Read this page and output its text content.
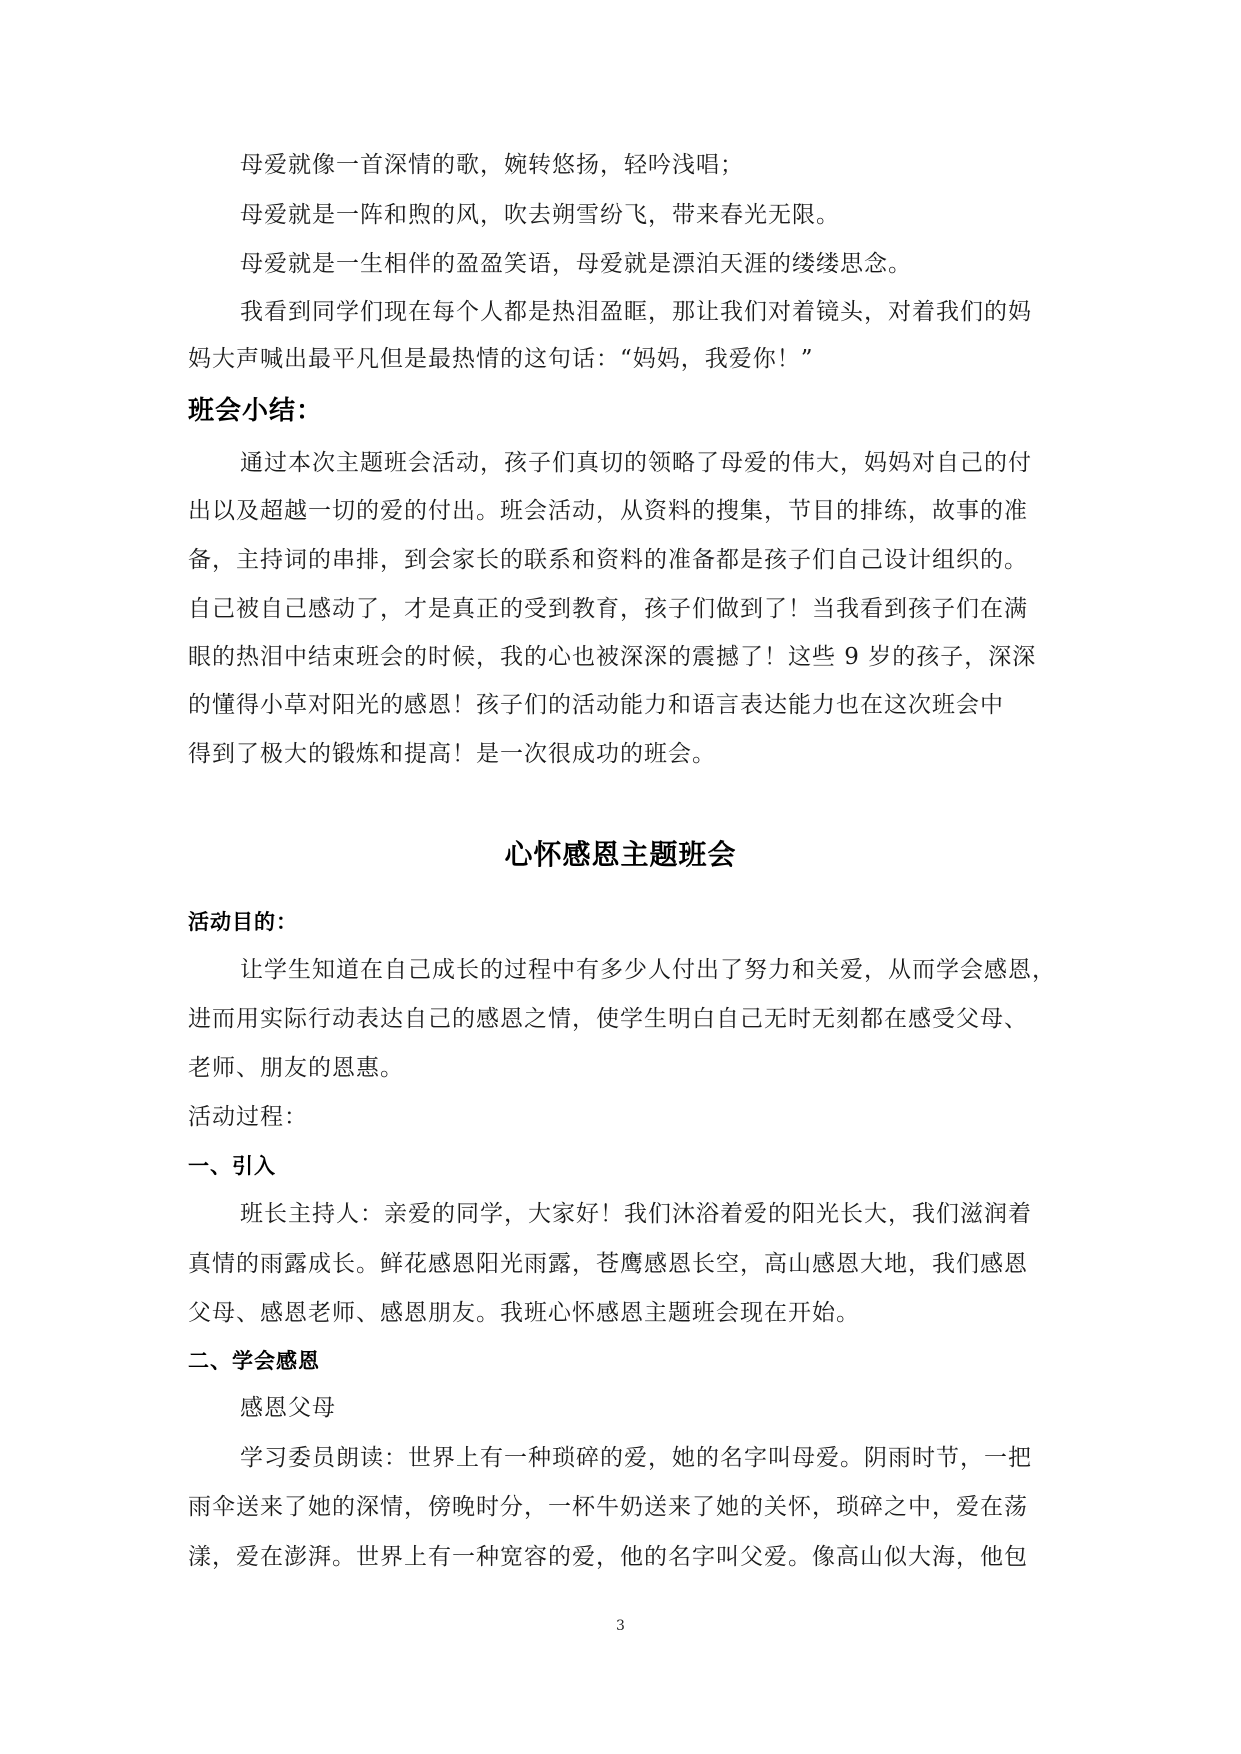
母爱就像一首深情的歌，婉转悠扬，轻吟浅唱；
母爱就是一阵和煦的风，吹去朔雪纷飞，带来春光无限。
母爱就是一生相伴的盈盈笑语，母爱就是漂泊天涯的缕缕思念。
我看到同学们现在每个人都是热泪盈眶，那让我们对着镜头，对着我们的妈
妈大声喊出最平凡但是最热情的这句话：“妈妈，我爱你！”
班会小结：
通过本次主题班会活动，孩子们真切的领略了母爱的伟大，妈妈对自己的付
出以及超越一切的爱的付出。班会活动，从资料的搜集，节目的排练，故事的准
备，主持词的串排，到会家长的联系和资料的准备都是孩子们自己设计组织的。
自己被自己感动了，才是真正的受到教育，孩子们做到了！当我看到孩子们在满
眼的热泪中结束班会的时候，我的心也被深深的震撼了！这些 9 岁的孩子，深深
的懂得小草对阳光的感恩！孩子们的活动能力和语言表达能力也在这次班会中
得到了极大的锻炼和提高！是一次很成功的班会。
心怀感恩主题班会
活动目的：
让学生知道在自己成长的过程中有多少人付出了努力和关爱，从而学会感恩，
进而用实际行动表达自己的感恩之情，使学生明白自己无时无刻都在感受父母、
老师、朋友的恩惠。
活动过程：
一、引入
班长主持人：亲爱的同学，大家好！我们沐浴着爱的阳光长大，我们滋润着
真情的雨露成长。鲜花感恩阳光雨露，苍鹰感恩长空，高山感恩大地，我们感恩
父母、感恩老师、感恩朋友。我班心怀感恩主题班会现在开始。
二、学会感恩
感恩父母
学习委员朗读：世界上有一种琐碎的爱，她的名字叫母爱。阴雨时节，一把
雨伞送来了她的深情，傍晚时分，一杯牛奶送来了她的关怀，琐碎之中，爱在荡
漾，爱在澎湃。世界上有一种宽容的爱，他的名字叫父爱。像高山似大海，他包
3
